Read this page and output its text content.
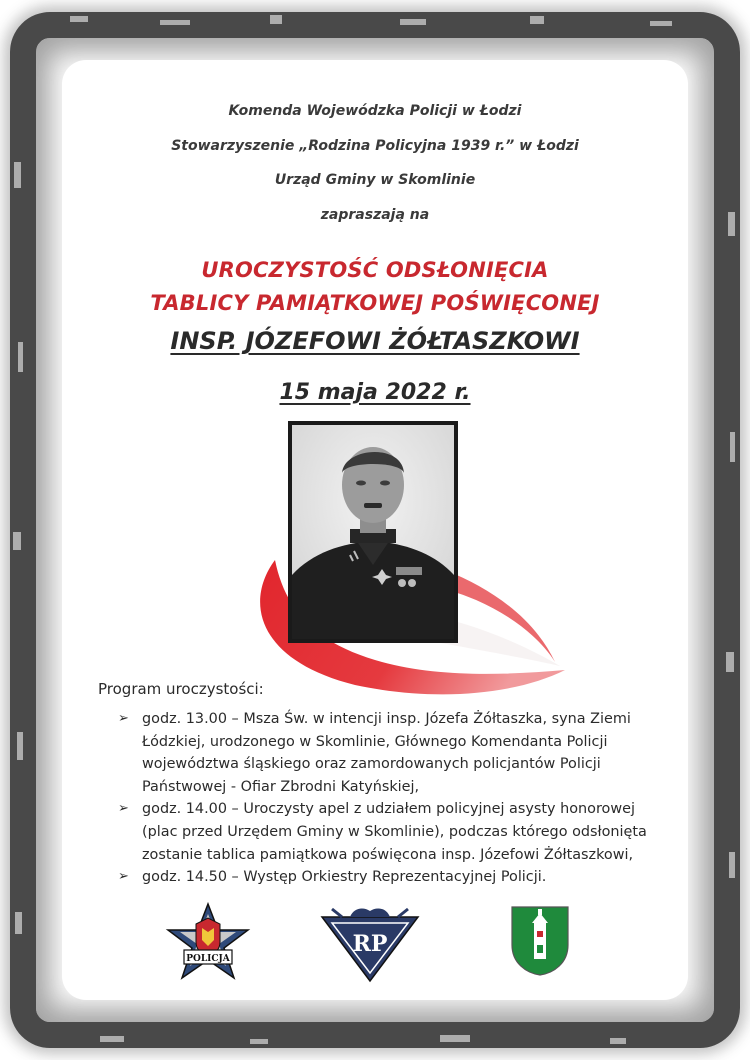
Komenda Wojewódzka Policji w Łodzi

Stowarzyszenie „Rodzina Policyjna 1939 r.” w Łodzi

Urząd Gminy w Skomlinie

zapraszają na

UROCZYSTOŚĆ ODSŁONIĘCIA

TABLICY PAMIĄTKOWEJ POŚWIĘCONEJ

INSP. JÓZEFOWI ŻÓŁTASZKOWI

15 maja 2022 r.

Program uroczystości:

➢ godz. 13.00 – Msza Św. w intencji insp. Józefa Żółtaszka, syna Ziemi Łódzkiej, urodzonego w Skomlinie, Głównego Komendanta Policji województwa śląskiego oraz zamordowanych policjantów Policji Państwowej - Ofiar Zbrodni Katyńskiej,
➢ godz. 14.00 – Uroczysty apel z udziałem policyjnej asysty honorowej (plac przed Urzędem Gminy w Skomlinie), podczas którego odsłonięta zostanie tablica pamiątkowa poświęcona insp. Józefowi Żółtaszkowi,
➢ godz. 14.50 – Występ Orkiestry Reprezentacyjnej Policji.
POLICJA
RP
